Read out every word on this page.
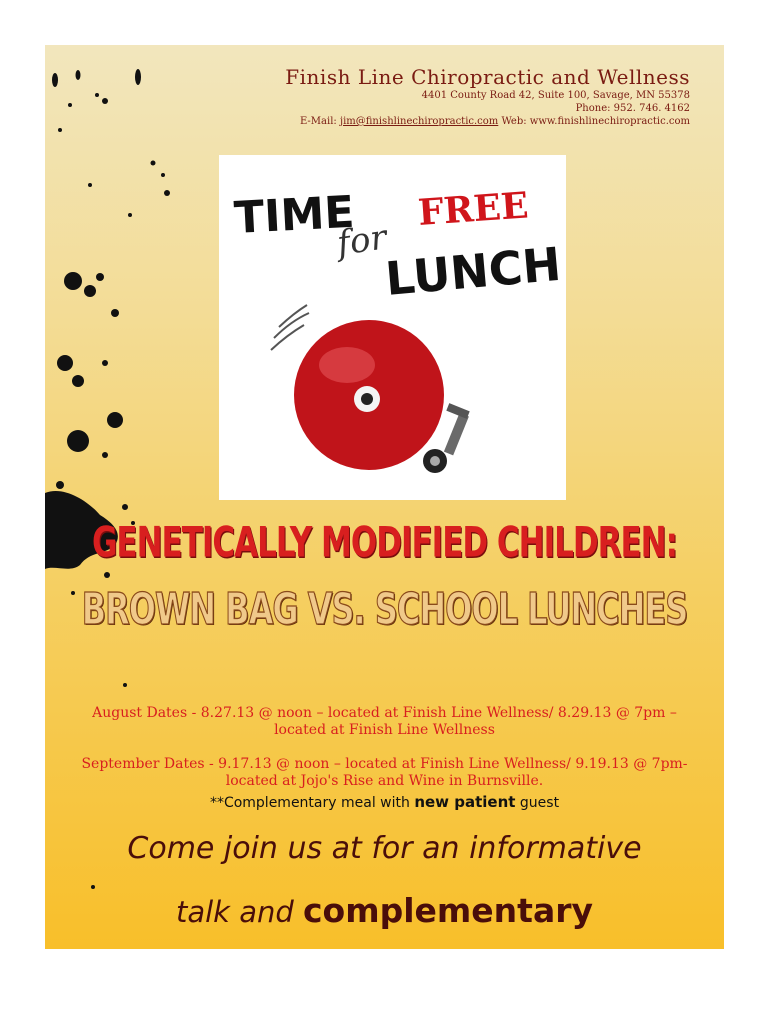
Finish Line Chiropractic and Wellness
4401 County Road 42, Suite 100, Savage, MN 55378
Phone: 952. 746. 4162
E-Mail: jim@finishlinechiropractic.com Web: www.finishlinechiropractic.com
TIME
for
FREE
LUNCH
GENETICALLY MODIFIED CHILDREN:
BROWN BAG VS. SCHOOL LUNCHES
August Dates - 8.27.13 @ noon – located at Finish Line Wellness/ 8.29.13 @ 7pm – located at Finish Line Wellness
September Dates - 9.17.13 @ noon – located at Finish Line Wellness/ 9.19.13 @ 7pm- located at Jojo's Rise and Wine in Burnsville.
**Complementary meal with new patient guest
Come join us at for an informative
talk and complementary
